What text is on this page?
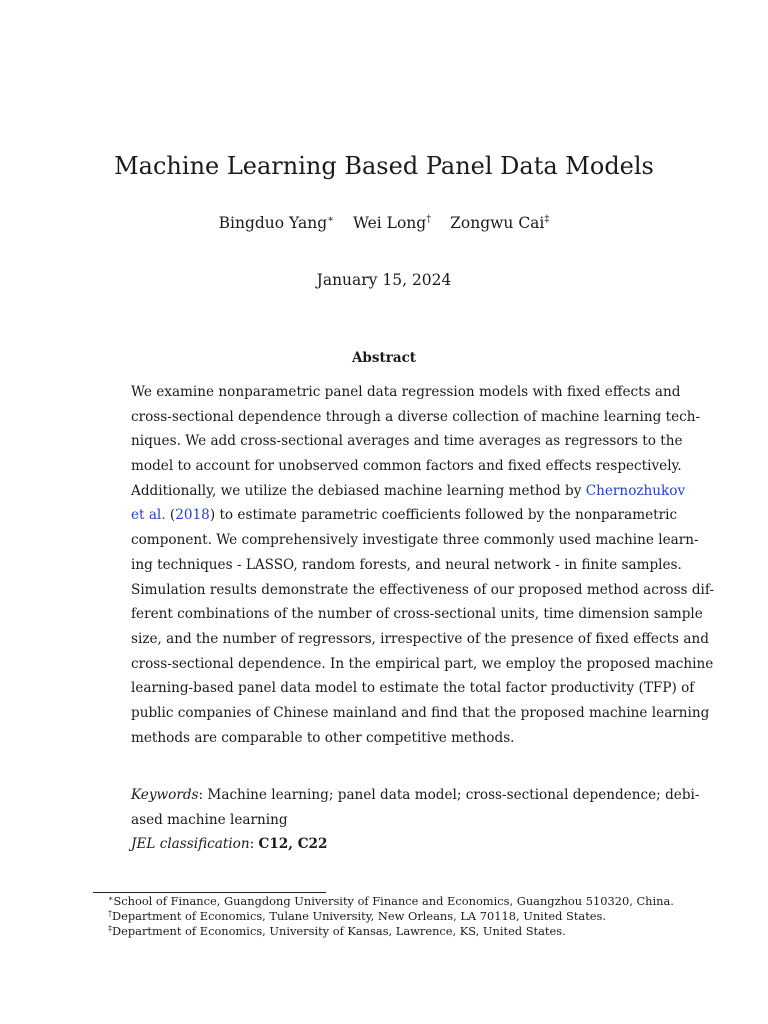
Machine Learning Based Panel Data Models
Bingduo Yang∗ Wei Long† Zongwu Cai‡
January 15, 2024
Abstract
We examine nonparametric panel data regression models with fixed effects and
cross-sectional dependence through a diverse collection of machine learning tech-
niques. We add cross-sectional averages and time averages as regressors to the
model to account for unobserved common factors and fixed effects respectively.
Additionally, we utilize the debiased machine learning method by Chernozhukov
et al. (2018) to estimate parametric coefficients followed by the nonparametric
component. We comprehensively investigate three commonly used machine learn-
ing techniques - LASSO, random forests, and neural network - in finite samples.
Simulation results demonstrate the effectiveness of our proposed method across dif-
ferent combinations of the number of cross-sectional units, time dimension sample
size, and the number of regressors, irrespective of the presence of fixed effects and
cross-sectional dependence. In the empirical part, we employ the proposed machine
learning-based panel data model to estimate the total factor productivity (TFP) of
public companies of Chinese mainland and find that the proposed machine learning
methods are comparable to other competitive methods.
Keywords: Machine learning; panel data model; cross-sectional dependence; debi-
ased machine learning
JEL classification: C12, C22
∗School of Finance, Guangdong University of Finance and Economics, Guangzhou 510320, China.
†Department of Economics, Tulane University, New Orleans, LA 70118, United States.
‡Department of Economics, University of Kansas, Lawrence, KS, United States.
